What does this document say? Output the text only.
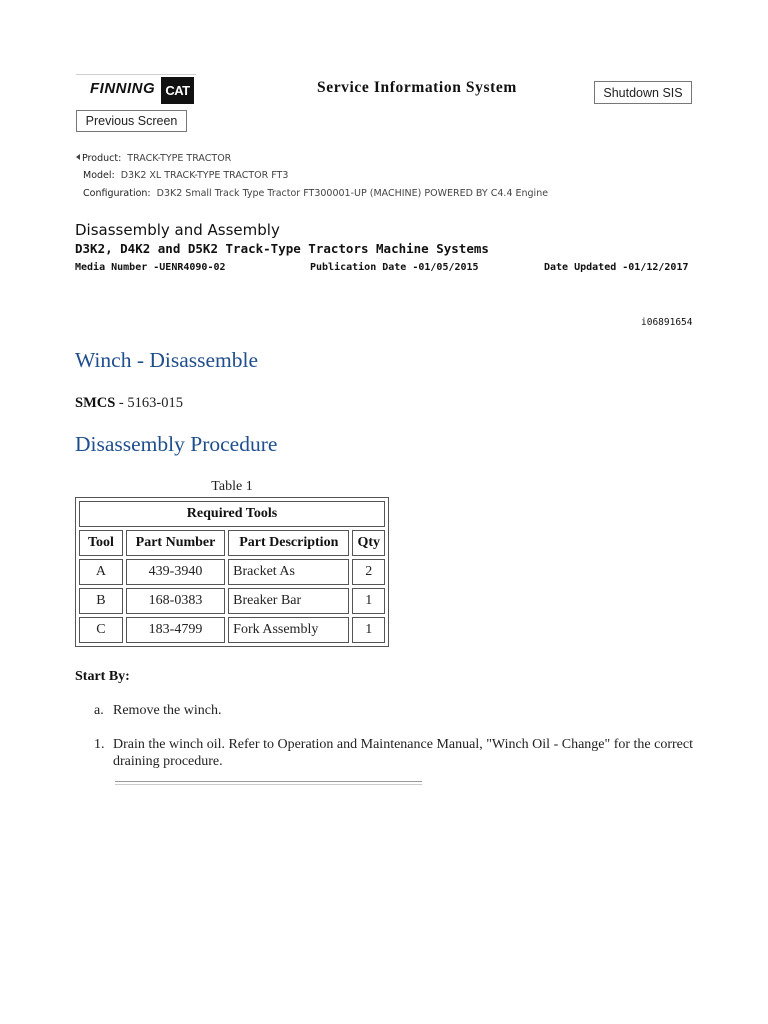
FINNING CAT	Service Information System	Shutdown SIS
Previous Screen
Product: TRACK-TYPE TRACTOR
Model: D3K2 XL TRACK-TYPE TRACTOR FT3
Configuration: D3K2 Small Track Type Tractor FT300001-UP (MACHINE) POWERED BY C4.4 Engine
Disassembly and Assembly
D3K2, D4K2 and D5K2 Track-Type Tractors Machine Systems
Media Number -UENR4090-02	Publication Date -01/05/2015	Date Updated -01/12/2017
i06891654
Winch - Disassemble
SMCS - 5163-015
Disassembly Procedure
Table 1
Required Tools			
Tool	Part Number	Part Description	Qty
A	439-3940	Bracket As	2
B	168-0383	Breaker Bar	1
C	183-4799	Fork Assembly	1
Start By:
a. Remove the winch.
1. Drain the winch oil. Refer to Operation and Maintenance Manual, "Winch Oil - Change" for the correct draining procedure.
